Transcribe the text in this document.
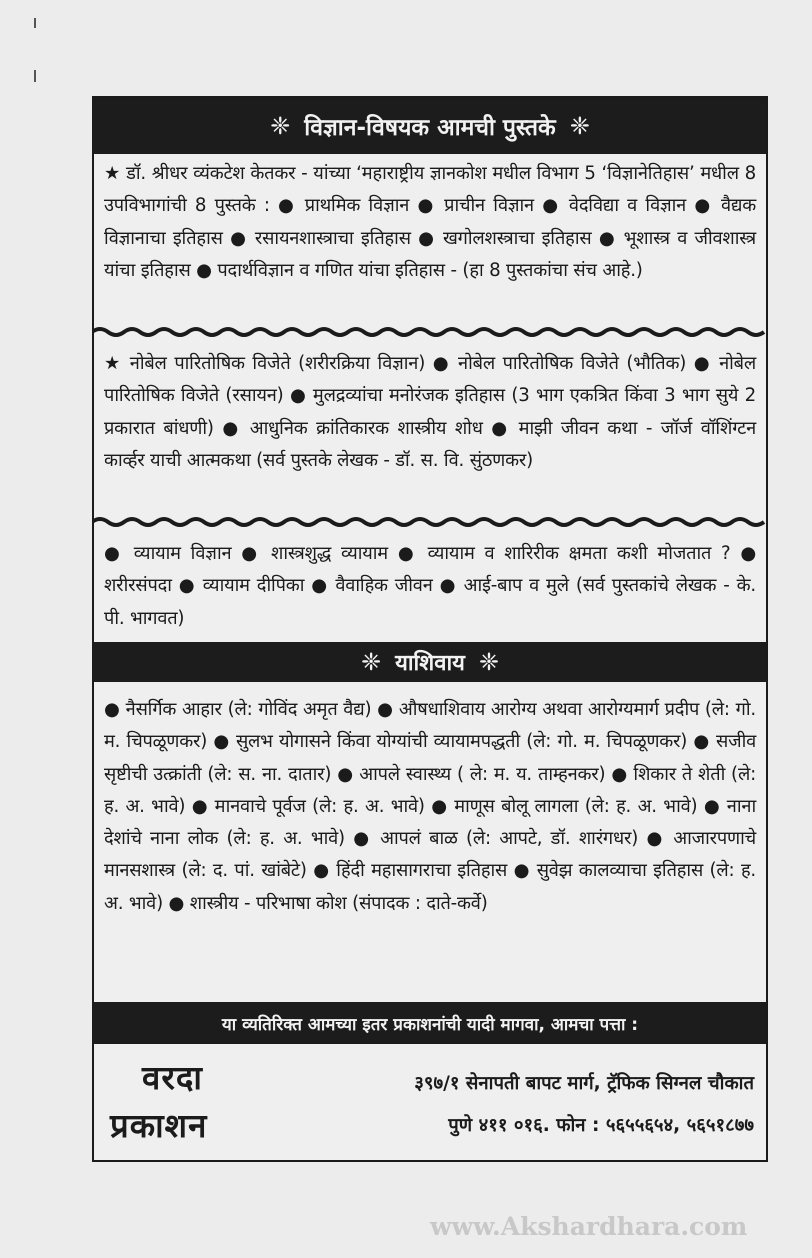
❈ विज्ञान-विषयक आमची पुस्तके ❈
★ डॉ. श्रीधर व्यंकटेश केतकर - यांच्या ‘महाराष्ट्रीय ज्ञानकोश मधील विभाग 5 ‘विज्ञानेतिहास’ मधील 8 उपविभागांची 8 पुस्तके : ● प्राथमिक विज्ञान ● प्राचीन विज्ञान ● वेदविद्या व विज्ञान ● वैद्यक विज्ञानाचा इतिहास ● रसायनशास्त्राचा इतिहास ● खगोलशस्त्राचा इतिहास ● भूशास्त्र व जीवशास्त्र यांचा इतिहास ● पदार्थविज्ञान व गणित यांचा इतिहास - (हा 8 पुस्तकांचा संच आहे.)
★ नोबेल पारितोषिक विजेते (शरीरक्रिया विज्ञान) ● नोबेल पारितोषिक विजेते (भौतिक) ● नोबेल पारितोषिक विजेते (रसायन) ● मुलद्रव्यांचा मनोरंजक इतिहास (3 भाग एकत्रित किंवा 3 भाग सुये 2 प्रकारात बांधणी) ● आधुनिक क्रांतिकारक शास्त्रीय शोध ● माझी जीवन कथा - जॉर्ज वॉशिंग्टन कार्व्हर याची आत्मकथा (सर्व पुस्तके लेखक - डॉ. स. वि. सुंठणकर)
● व्यायाम विज्ञान ● शास्त्रशुद्ध व्यायाम ● व्यायाम व शारिरीक क्षमता कशी मोजतात ? ● शरीरसंपदा ● व्यायाम दीपिका ● वैवाहिक जीवन ● आई-बाप व मुले (सर्व पुस्तकांचे लेखक - के. पी. भागवत)
❈ याशिवाय ❈
● नैसर्गिक आहार (ले: गोविंद अमृत वैद्य) ● औषधाशिवाय आरोग्य अथवा आरोग्यमार्ग प्रदीप (ले: गो. म. चिपळूणकर) ● सुलभ योगासने किंवा योग्यांची व्यायामपद्धती (ले: गो. म. चिपळूणकर) ● सजीव सृष्टीची उत्क्रांती (ले: स. ना. दातार) ● आपले स्वास्थ्य ( ले: म. य. ताम्हनकर) ● शिकार ते शेती (ले: ह. अ. भावे) ● मानवाचे पूर्वज (ले: ह. अ. भावे) ● माणूस बोलू लागला (ले: ह. अ. भावे) ● नाना देशांचे नाना लोक (ले: ह. अ. भावे) ● आपलं बाळ (ले: आपटे, डॉ. शारंगधर) ● आजारपणाचे मानसशास्त्र (ले: द. पां. खांबेटे) ● हिंदी महासागराचा इतिहास ● सुवेझ कालव्याचा इतिहास (ले: ह. अ. भावे) ● शास्त्रीय - परिभाषा कोश (संपादक : दाते-कर्वे)
या व्यतिरिक्त आमच्या इतर प्रकाशनांची यादी मागवा, आमचा पत्ता :
वरदा
प्रकाशन
३९७/१ सेनापती बापट मार्ग, ट्रॅफिक सिग्नल चौकात
पुणे ४११ ०१६. फोन : ५६५५६५४, ५६५१८७७
www.Akshardhara.com
